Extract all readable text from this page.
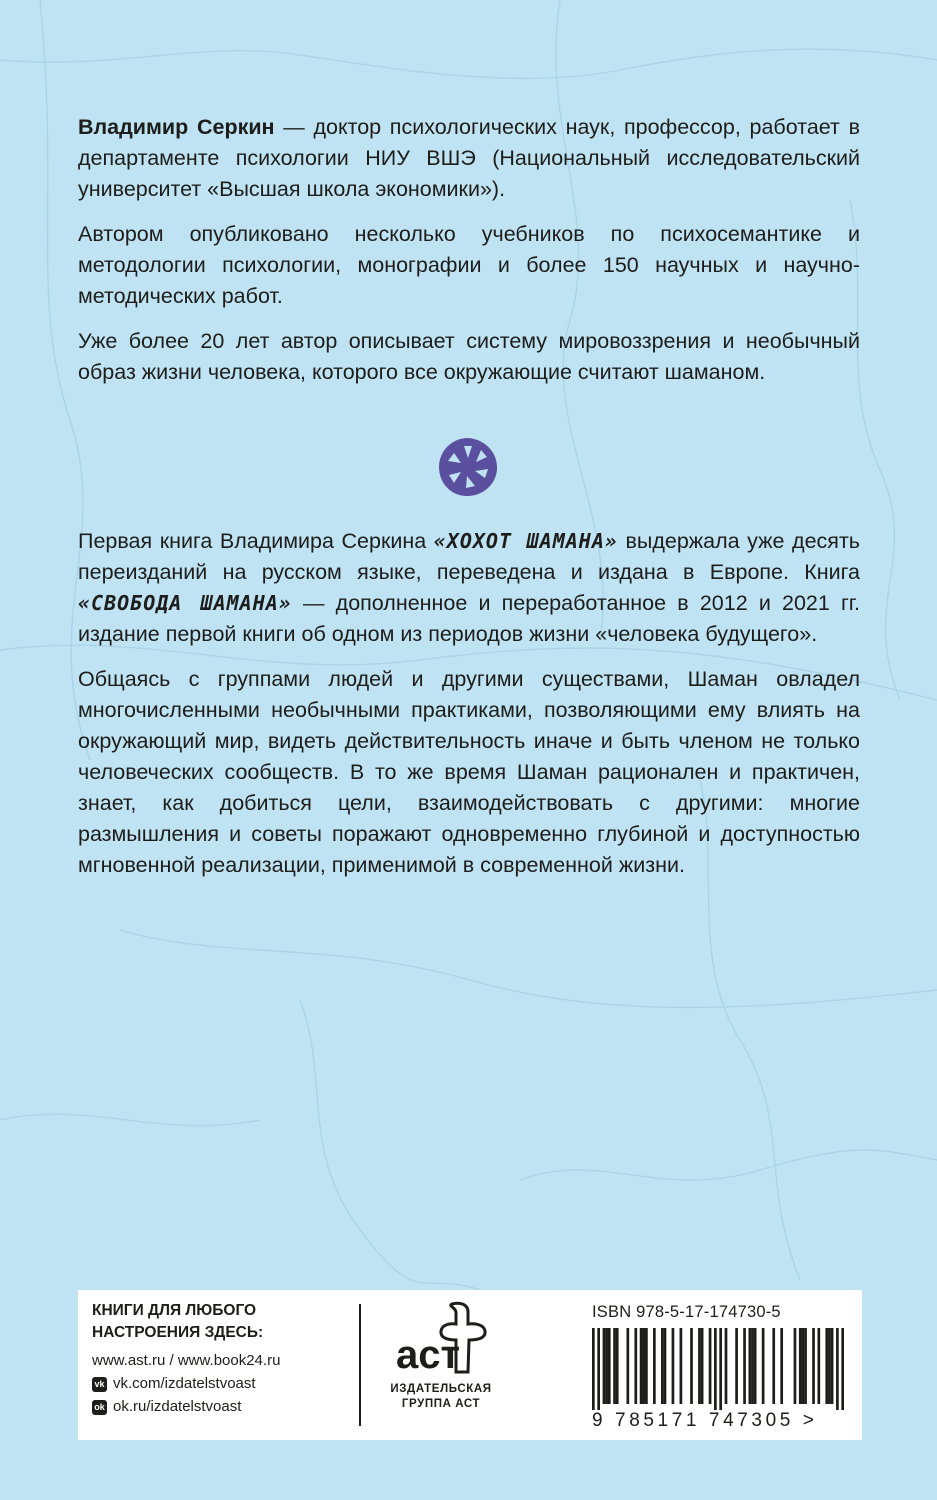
Владимир Серкин — доктор психологических наук, профессор, работает в департаменте психологии НИУ ВШЭ (Национальный исследовательский университет «Высшая школа экономики»).

Автором опубликовано несколько учебников по психосемантике и методологии психологии, монографии и более 150 научных и научно-методических работ.

Уже более 20 лет автор описывает систему мировоззрения и необычный образ жизни человека, которого все окружающие считают шаманом.

Первая книга Владимира Серкина «ХОХОТ ШАМАНА» выдержала уже десять переизданий на русском языке, переведена и издана в Европе. Книга «СВОБОДА ШАМАНА» — дополненное и переработанное в 2012 и 2021 гг. издание первой книги об одном из периодов жизни «человека будущего».

Общаясь с группами людей и другими существами, Шаман овладел многочисленными необычными практиками, позволяющими ему влиять на окружающий мир, видеть действительность иначе и быть членом не только человеческих сообществ. В то же время Шаман рационален и практичен, знает, как добиться цели, взаимодействовать с другими: многие размышления и советы поражают одновременно глубиной и доступностью мгновенной реализации, применимой в современной жизни.

КНИГИ ДЛЯ ЛЮБОГО
НАСТРОЕНИЯ ЗДЕСЬ:
www.ast.ru / www.book24.ru
vk vk.com/izdatelstvoast
ok ok.ru/izdatelstvoast
аст
ИЗДАТЕЛЬСКАЯ
ГРУППА АСТ
ISBN 978-5-17-174730-5
9 785171 747305 >
